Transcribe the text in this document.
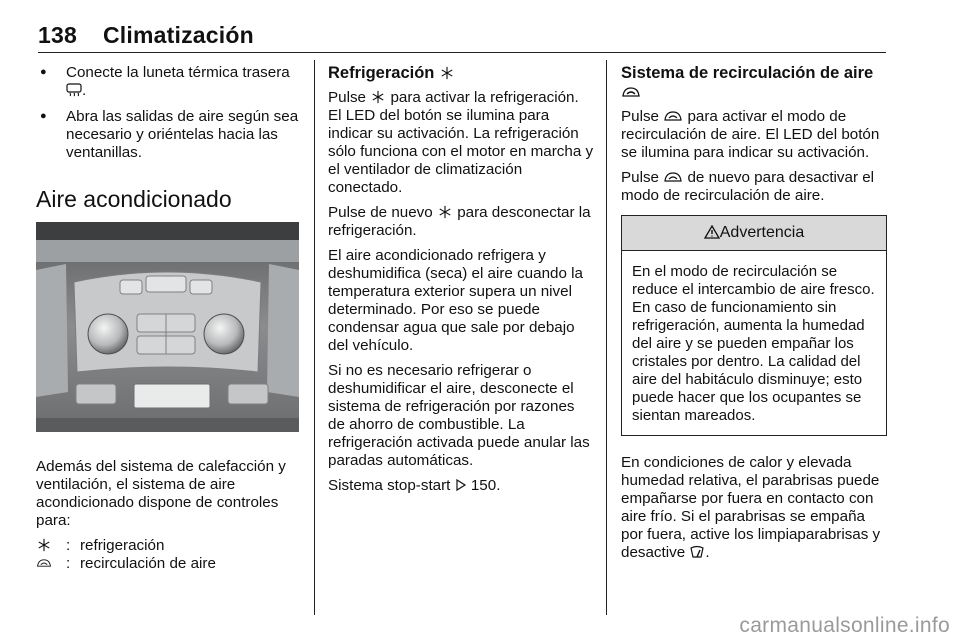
138 Climatización
● Conecte la luneta térmica trasera .
● Abra las salidas de aire según sea necesario y oriéntelas hacia las ventanillas.
Aire acondicionado

Además del sistema de calefacción y ventilación, el sistema de aire acondicionado dispone de controles para:

: refrigeración
: recirculación de aire
Refrigeración

Pulse para activar la refrigeración. El LED del botón se ilumina para indicar su activación. La refrigeración sólo funciona con el motor en marcha y el ventilador de climatización conectado.

Pulse de nuevo para desconectar la refrigeración.

El aire acondicionado refrigera y deshumidifica (seca) el aire cuando la temperatura exterior supera un nivel determinado. Por eso se puede condensar agua que sale por debajo del vehículo.

Si no es necesario refrigerar o deshumidificar el aire, desconecte el sistema de refrigeración por razones de ahorro de combustible. La refrigeración activada puede anular las paradas automáticas.

Sistema stop-start 150.

Sistema de recirculación de aire

Pulse para activar el modo de recirculación de aire. El LED del botón se ilumina para indicar su activación.

Pulse de nuevo para desactivar el modo de recirculación de aire.

Advertencia
En el modo de recirculación se reduce el intercambio de aire fresco. En caso de funcionamiento sin refrigeración, aumenta la humedad del aire y se pueden empañar los cristales por dentro. La calidad del aire del habitáculo disminuye; esto puede hacer que los ocupantes se sientan mareados.

En condiciones de calor y elevada humedad relativa, el parabrisas puede empañarse por fuera en contacto con aire frío. Si el parabrisas se empaña por fuera, active los limpiaparabrisas y desactive .

carmanualsonline.info
